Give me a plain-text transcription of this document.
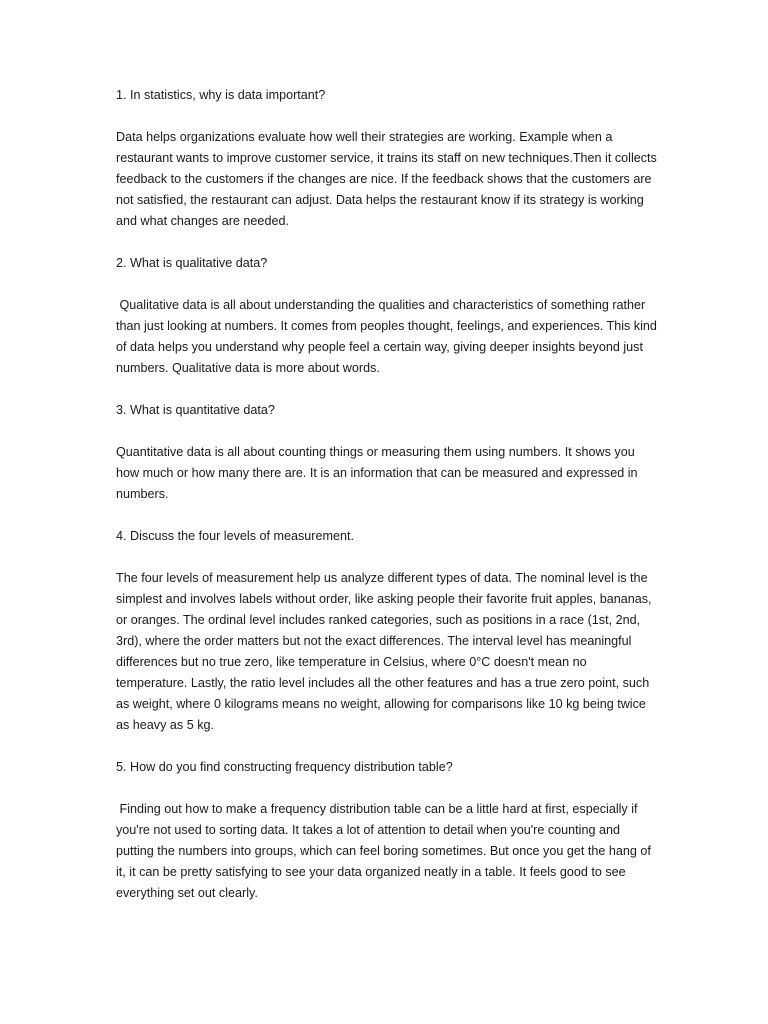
1. In statistics, why is data important?

Data helps organizations evaluate how well their strategies are working. Example when a restaurant wants to improve customer service, it trains its staff on new techniques.Then it collects feedback to the customers if the changes are nice. If the feedback shows that the customers are not satisfied, the restaurant can adjust. Data helps the restaurant know if its strategy is working and what changes are needed.

2. What is qualitative data?

Qualitative data is all about understanding the qualities and characteristics of something rather than just looking at numbers. It comes from peoples thought, feelings, and experiences. This kind of data helps you understand why people feel a certain way, giving deeper insights beyond just numbers. Qualitative data is more about words.

3. What is quantitative data?

Quantitative data is all about counting things or measuring them using numbers. It shows you how much or how many there are. It is an information that can be measured and expressed in numbers.

4. Discuss the four levels of measurement.

The four levels of measurement help us analyze different types of data. The nominal level is the simplest and involves labels without order, like asking people their favorite fruit apples, bananas, or oranges. The ordinal level includes ranked categories, such as positions in a race (1st, 2nd, 3rd), where the order matters but not the exact differences. The interval level has meaningful differences but no true zero, like temperature in Celsius, where 0°C doesn't mean no temperature. Lastly, the ratio level includes all the other features and has a true zero point, such as weight, where 0 kilograms means no weight, allowing for comparisons like 10 kg being twice as heavy as 5 kg.

5. How do you find constructing frequency distribution table?

Finding out how to make a frequency distribution table can be a little hard at first, especially if you're not used to sorting data. It takes a lot of attention to detail when you're counting and putting the numbers into groups, which can feel boring sometimes. But once you get the hang of it, it can be pretty satisfying to see your data organized neatly in a table. It feels good to see everything set out clearly.
